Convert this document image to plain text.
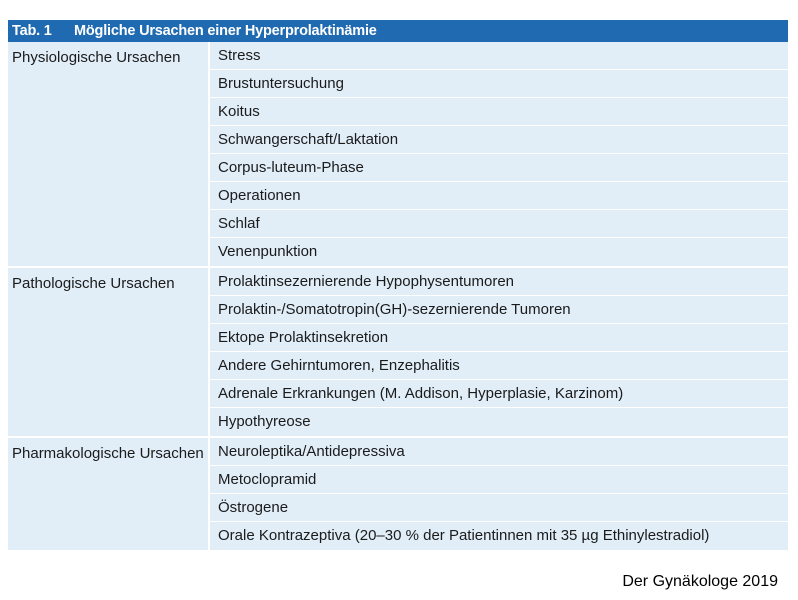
Tab. 1 Mögliche Ursachen einer Hyperprolaktinämie
Physiologische Ursachen	Stress
Brustuntersuchung
Koitus
Schwangerschaft/Laktation
Corpus-luteum-Phase
Operationen
Schlaf
Venenpunktion
Pathologische Ursachen	Prolaktinsezernierende Hypophysentumoren
Prolaktin-/Somatotropin(GH)-sezernierende Tumoren
Ektope Prolaktinsekretion
Andere Gehirntumoren, Enzephalitis
Adrenale Erkrankungen (M. Addison, Hyperplasie, Karzinom)
Hypothyreose
Pharmakologische Ursachen Neuroleptika/Antidepressiva
Metoclopramid
Östrogene
Orale Kontrazeptiva (20–30 % der Patientinnen mit 35 µg Ethinylestradiol)
Der Gynäkologe 2019
